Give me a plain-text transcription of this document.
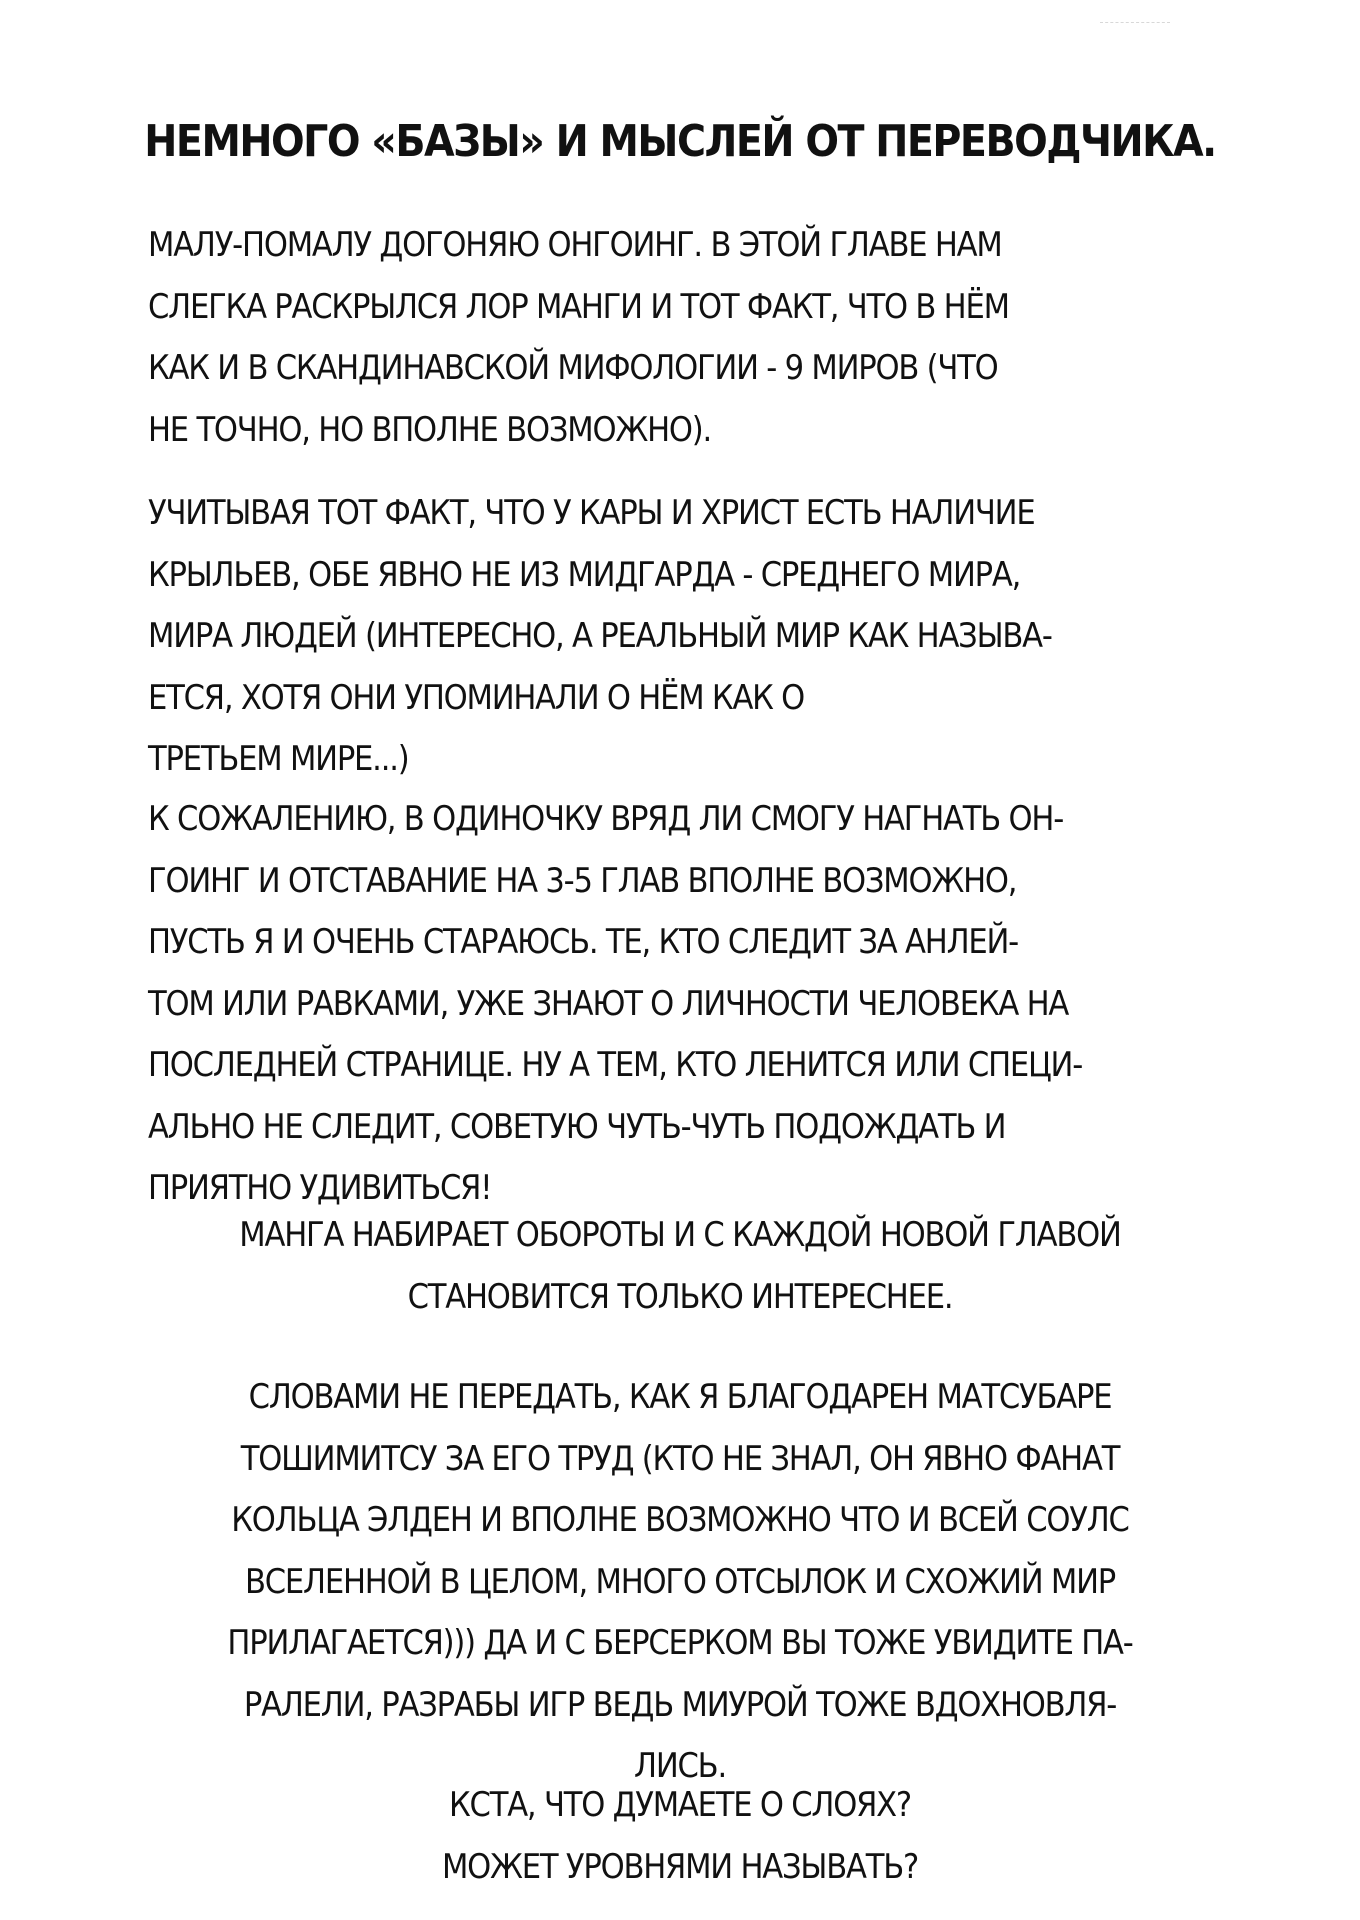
НЕМНОГО «БАЗЫ» И МЫСЛЕЙ ОТ ПЕРЕВОДЧИКА.
МАЛУ-ПОМАЛУ ДОГОНЯЮ ОНГОИНГ. В ЭТОЙ ГЛАВЕ НАМ
СЛЕГКА РАСКРЫЛСЯ ЛОР МАНГИ И ТОТ ФАКТ, ЧТО В НЁМ
КАК И В СКАНДИНАВСКОЙ МИФОЛОГИИ - 9 МИРОВ (ЧТО
НЕ ТОЧНО, НО ВПОЛНЕ ВОЗМОЖНО).
УЧИТЫВАЯ ТОТ ФАКТ, ЧТО У КАРЫ И ХРИСТ ЕСТЬ НАЛИЧИЕ
КРЫЛЬЕВ, ОБЕ ЯВНО НЕ ИЗ МИДГАРДА - СРЕДНЕГО МИРА,
МИРА ЛЮДЕЙ (ИНТЕРЕСНО, А РЕАЛЬНЫЙ МИР КАК НАЗЫВА-
ЕТСЯ, ХОТЯ ОНИ УПОМИНАЛИ О НЁМ КАК О
ТРЕТЬЕМ МИРЕ...)
К СОЖАЛЕНИЮ, В ОДИНОЧКУ ВРЯД ЛИ СМОГУ НАГНАТЬ ОН-
ГОИНГ И ОТСТАВАНИЕ НА 3-5 ГЛАВ ВПОЛНЕ ВОЗМОЖНО,
ПУСТЬ Я И ОЧЕНЬ СТАРАЮСЬ. ТЕ, КТО СЛЕДИТ ЗА АНЛЕЙ-
ТОМ ИЛИ РАВКАМИ, УЖЕ ЗНАЮТ О ЛИЧНОСТИ ЧЕЛОВЕКА НА
ПОСЛЕДНЕЙ СТРАНИЦЕ. НУ А ТЕМ, КТО ЛЕНИТСЯ ИЛИ СПЕЦИ-
АЛЬНО НЕ СЛЕДИТ, СОВЕТУЮ ЧУТЬ-ЧУТЬ ПОДОЖДАТЬ И
ПРИЯТНО УДИВИТЬСЯ!
МАНГА НАБИРАЕТ ОБОРОТЫ И С КАЖДОЙ НОВОЙ ГЛАВОЙ
СТАНОВИТСЯ ТОЛЬКО ИНТЕРЕСНЕЕ.
СЛОВАМИ НЕ ПЕРЕДАТЬ, КАК Я БЛАГОДАРЕН МАТСУБАРЕ
ТОШИМИТСУ ЗА ЕГО ТРУД (КТО НЕ ЗНАЛ, ОН ЯВНО ФАНАТ
КОЛЬЦА ЭЛДЕН И ВПОЛНЕ ВОЗМОЖНО ЧТО И ВСЕЙ СОУЛС
ВСЕЛЕННОЙ В ЦЕЛОМ, МНОГО ОТСЫЛОК И СХОЖИЙ МИР
ПРИЛАГАЕТСЯ))) ДА И С БЕРСЕРКОМ ВЫ ТОЖЕ УВИДИТЕ ПА-
РАЛЕЛИ, РАЗРАБЫ ИГР ВЕДЬ МИУРОЙ ТОЖЕ ВДОХНОВЛЯ-
ЛИСЬ.
КСТА, ЧТО ДУМАЕТЕ О СЛОЯХ?
МОЖЕТ УРОВНЯМИ НАЗЫВАТЬ?
